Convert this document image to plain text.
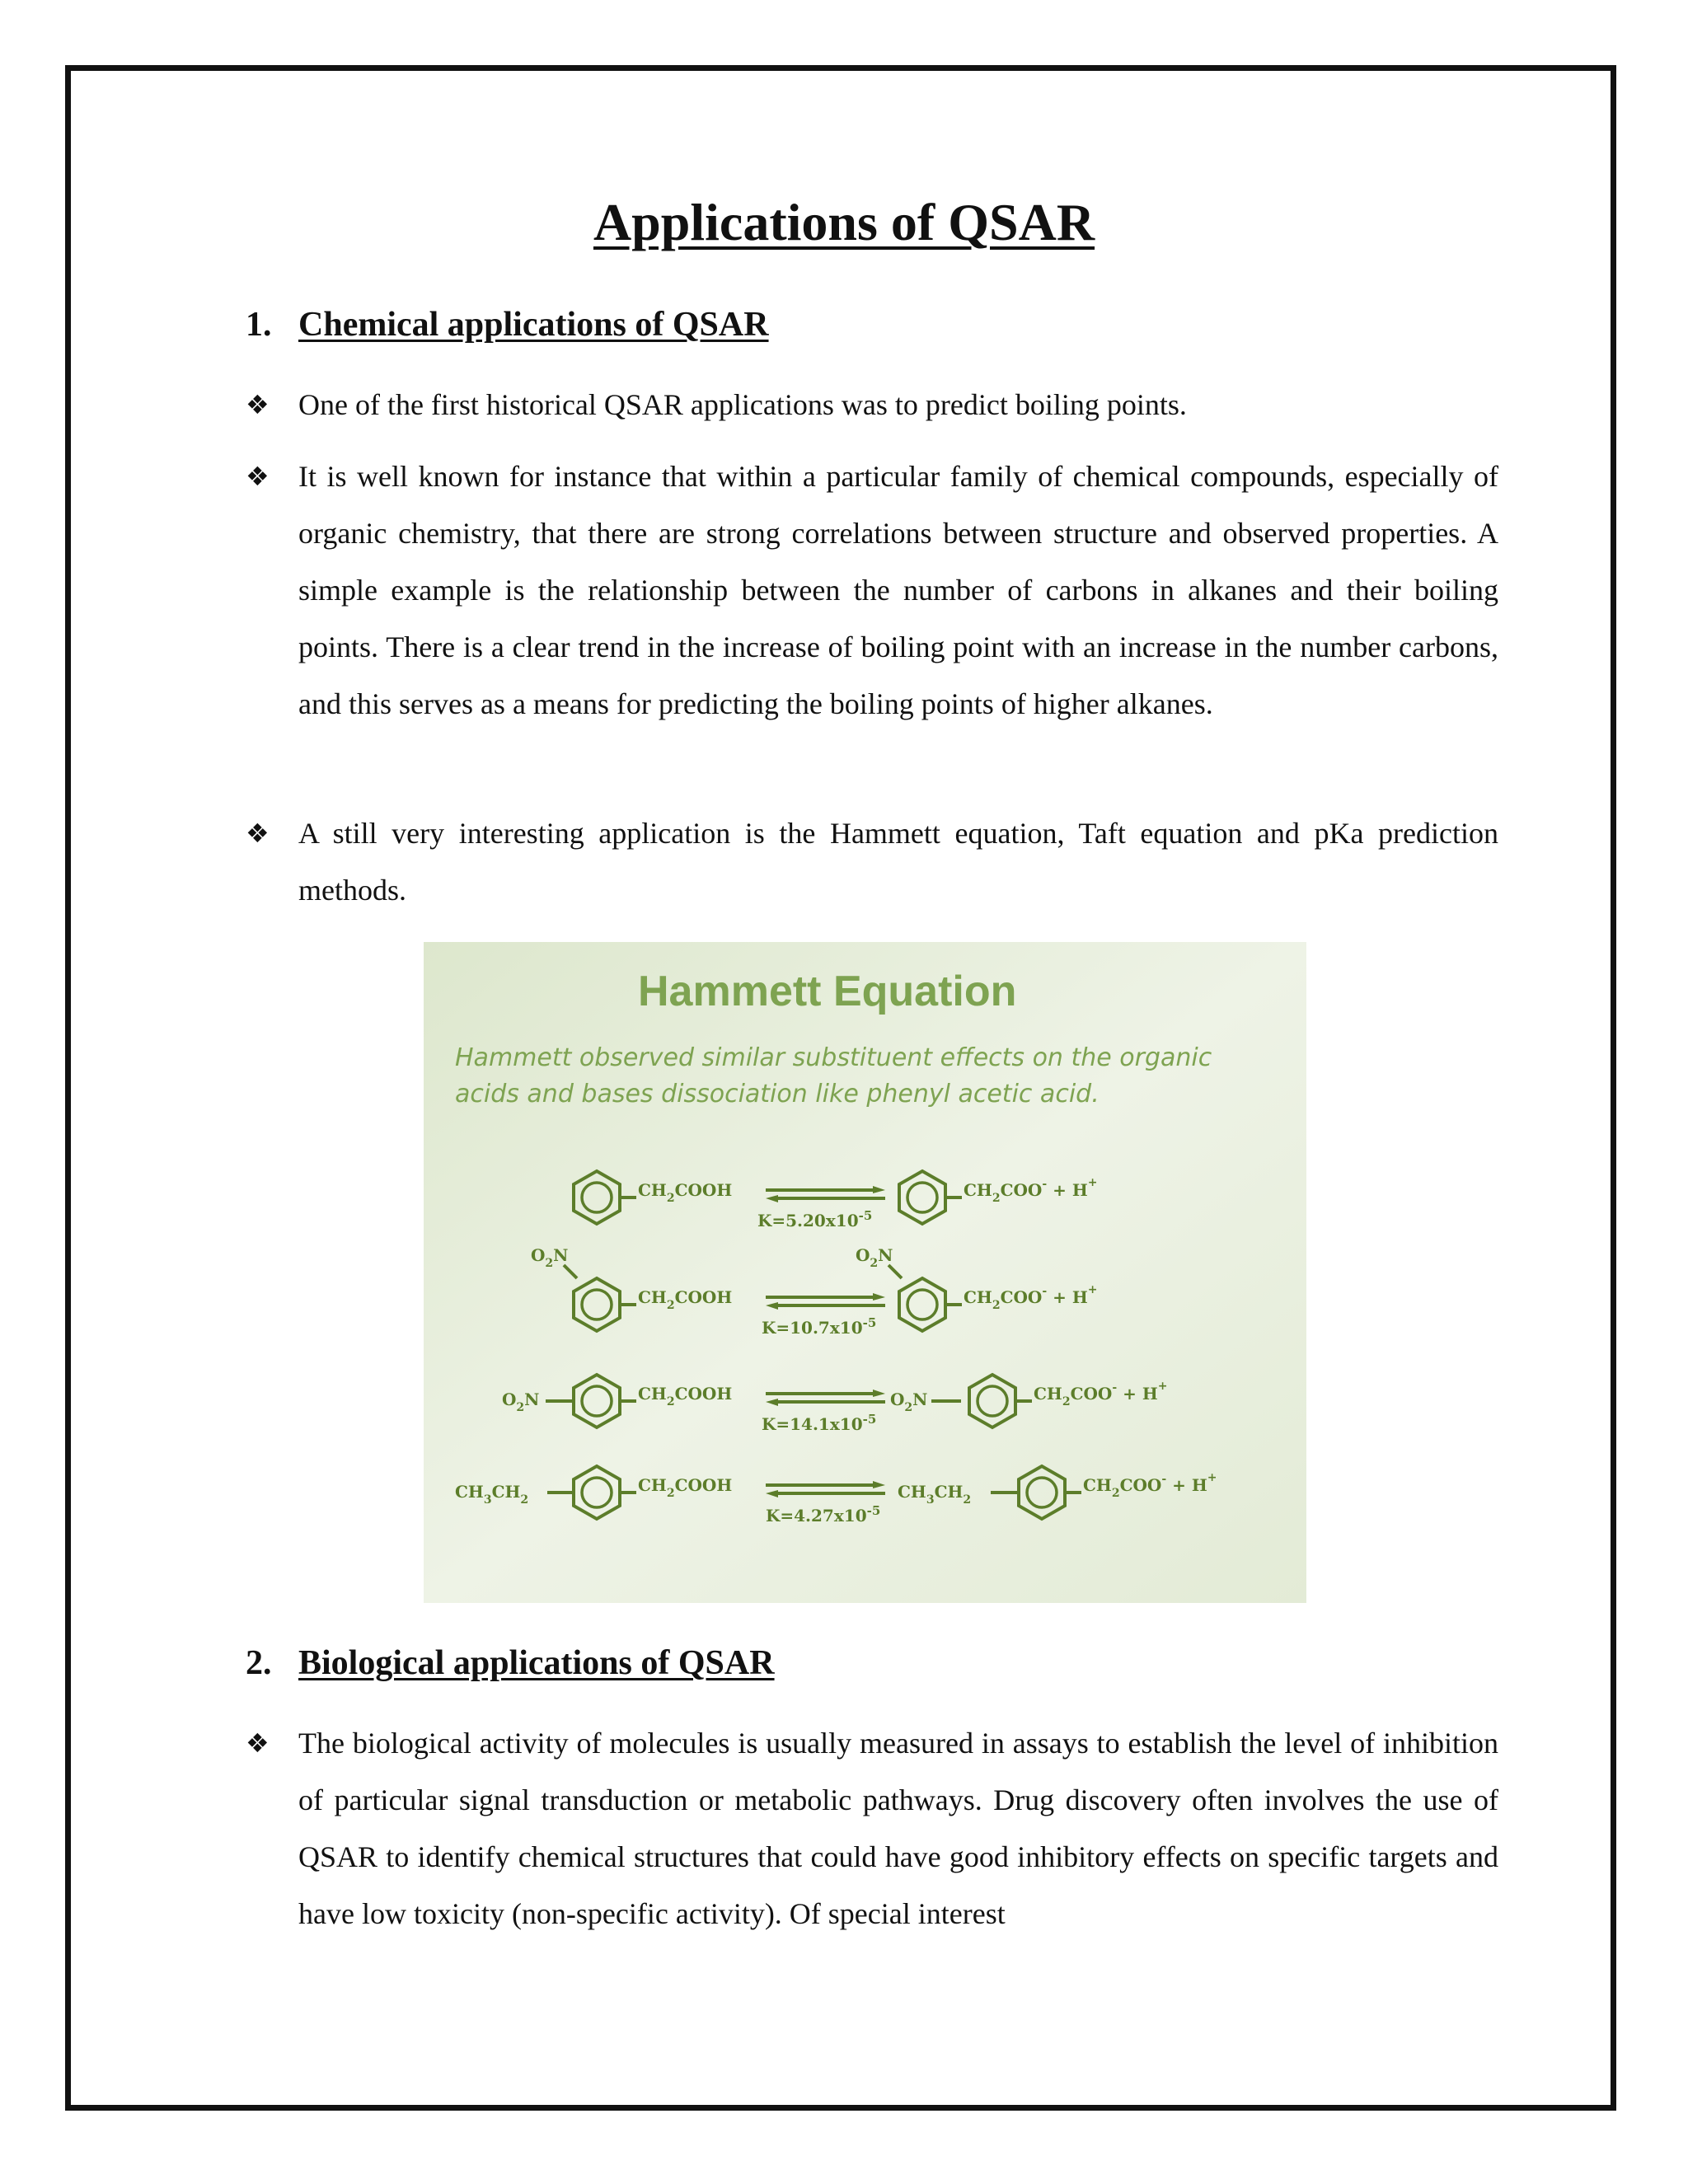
Applications of QSAR
1. Chemical applications of QSAR
❖ One of the first historical QSAR applications was to predict boiling points.
❖ It is well known for instance that within a particular family of chemical compounds, especially of organic chemistry, that there are strong correlations between structure and observed properties. A simple example is the relationship between the number of carbons in alkanes and their boiling points. There is a clear trend in the increase of boiling point with an increase in the number carbons, and this serves as a means for predicting the boiling points of higher alkanes.
❖ A still very interesting application is the Hammett equation, Taft equation and pKa prediction methods.
Hammett Equation
Hammett observed similar substituent effects on the organic
acids and bases dissociation like phenyl acetic acid.
$CH_2COOH$
$K=5.20x10^{-5}$
$CH_2COO^- + H^+$
$O_2N$
$CH_2COOH$
$K=10.7x10^{-5}$
$O_2N$
$CH_2COO^- + H^+$
$O_2N$	$CH_2COOH$
$K=14.1x10^{-5}$
$O_2N$	$CH_2COO^- + H^+$
$CH_3CH_2$
$CH_2COOH$
$K=4.27x10^{-5}$
$CH_3CH_2$
$CH_2COO^- + H^+$
2. Biological applications of QSAR
❖ The biological activity of molecules is usually measured in assays to establish the level of inhibition of particular signal transduction or metabolic pathways. Drug discovery often involves the use of QSAR to identify chemical structures that could have good inhibitory effects on specific targets and have low toxicity (non-specific activity). Of special interest
